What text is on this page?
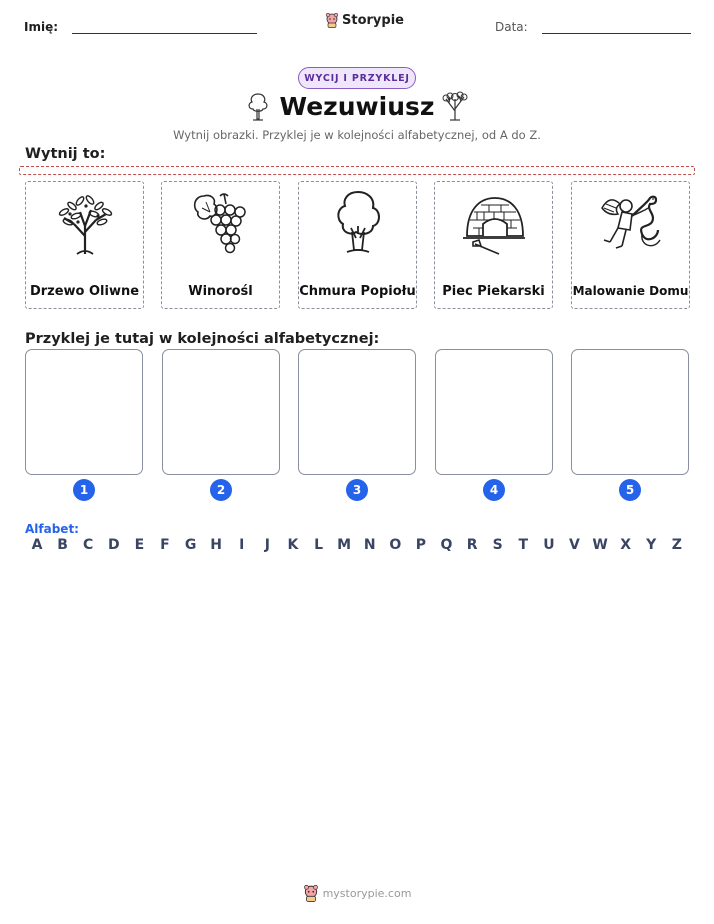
Imię:	Storypie	Data:
WYCIJ I PRZYKLEJ
Wezuwiusz
Wytnij obrazki. Przyklej je w kolejności alfabetycznej, od A do Z.
Wytnij to:
Drzewo Oliwne	Winorośl	Chmura Popiołu	Piec Piekarski	Malowanie Domu
Przyklej je tutaj w kolejności alfabetycznej:
1	2	3	4	5
Alfabet:
A	B	C	D	E	F	G H	I	J	K	L	M N O	P	Q	R	S	T	U	V W X	Y	Z
mystorypie.com
